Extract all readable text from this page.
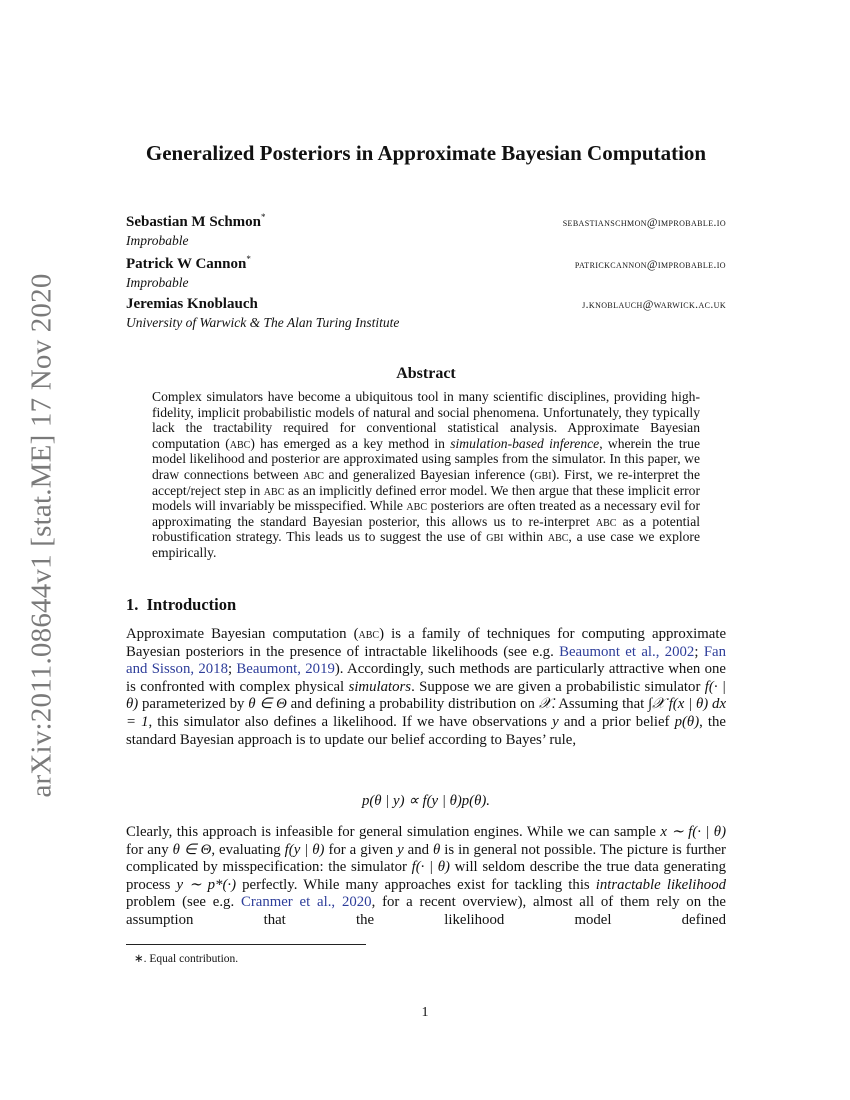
arXiv:2011.08644v1 [stat.ME] 17 Nov 2020
Generalized Posteriors in Approximate Bayesian Computation
Sebastian M Schmon*	sebastianschmon@improbable.io
Improbable
Patrick W Cannon*	patrickcannon@improbable.io
Improbable
Jeremias Knoblauch	j.knoblauch@warwick.ac.uk
University of Warwick & The Alan Turing Institute
Abstract
Complex simulators have become a ubiquitous tool in many scientific disciplines, providing high-fidelity, implicit probabilistic models of natural and social phenomena. Unfortunately, they typically lack the tractability required for conventional statistical analysis. Approximate Bayesian computation (abc) has emerged as a key method in simulation-based inference, wherein the true model likelihood and posterior are approximated using samples from the simulator. In this paper, we draw connections between abc and generalized Bayesian inference (gbi). First, we re-interpret the accept/reject step in abc as an implicitly defined error model. We then argue that these implicit error models will invariably be misspecified. While abc posteriors are often treated as a necessary evil for approximating the standard Bayesian posterior, this allows us to re-interpret abc as a potential robustification strategy. This leads us to suggest the use of gbi within abc, a use case we explore empirically.
1. Introduction
Approximate Bayesian computation (abc) is a family of techniques for computing approximate Bayesian posteriors in the presence of intractable likelihoods (see e.g. Beaumont et al., 2002; Fan and Sisson, 2018; Beaumont, 2019). Accordingly, such methods are particularly attractive when one is confronted with complex physical simulators. Suppose we are given a probabilistic simulator f(· | θ) parameterized by θ ∈ Θ and defining a probability distribution on 𝒳. Assuming that ∫𝒳 f(x | θ) dx = 1, this simulator also defines a likelihood. If we have observations y and a prior belief p(θ), the standard Bayesian approach is to update our belief according to Bayes’ rule,
p(θ | y) ∝ f(y | θ)p(θ).
Clearly, this approach is infeasible for general simulation engines. While we can sample x ∼ f(· | θ) for any θ ∈ Θ, evaluating f(y | θ) for a given y and θ is in general not possible. The picture is further complicated by misspecification: the simulator f(· | θ) will seldom describe the true data generating process y ∼ p*(·) perfectly. While many approaches exist for tackling this intractable likelihood problem (see e.g. Cranmer et al., 2020, for a recent overview), almost all of them rely on the assumption that the likelihood model defined
∗. Equal contribution.
1
